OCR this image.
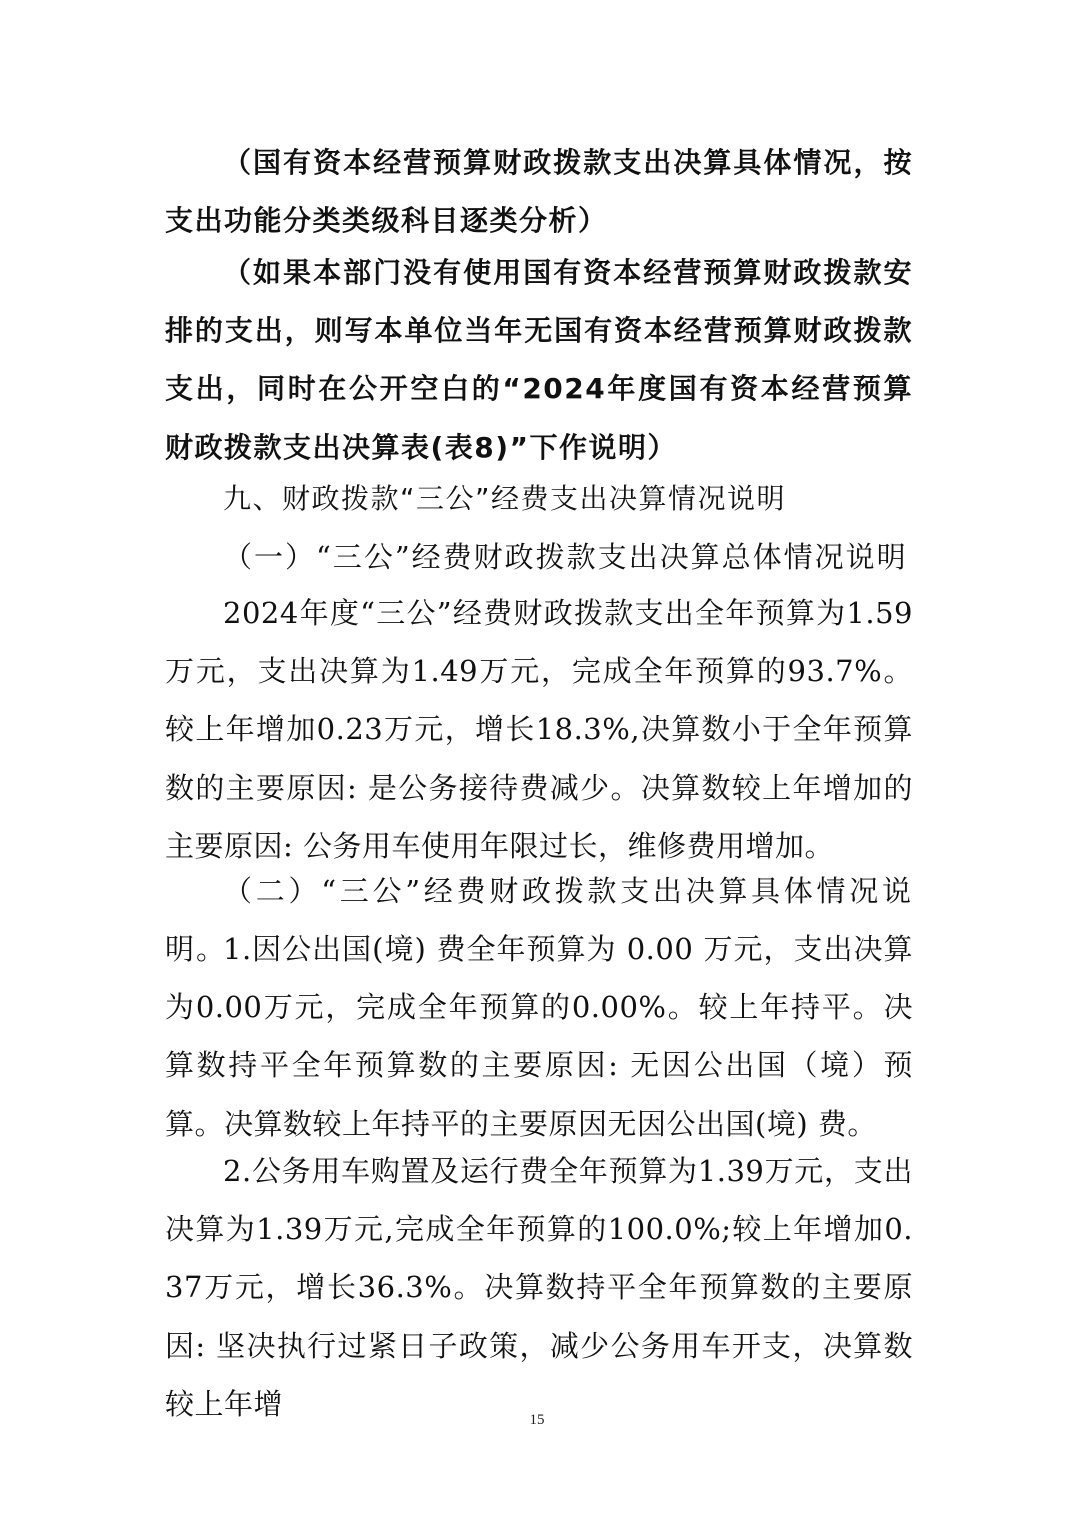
（国有资本经营预算财政拨款支出决算具体情况，按支出功能分类类级科目逐类分析）

（如果本部门没有使用国有资本经营预算财政拨款安排的支出，则写本单位当年无国有资本经营预算财政拨款支出，同时在公开空白的“2024年度国有资本经营预算财政拨款支出决算表(表8)”下作说明）

九、财政拨款“三公”经费支出决算情况说明

（一）“三公”经费财政拨款支出决算总体情况说明

2024年度“三公”经费财政拨款支出全年预算为1.59万元，支出决算为1.49万元，完成全年预算的93.7%。较上年增加0.23万元，增长18.3%,决算数小于全年预算数的主要原因: 是公务接待费减少。决算数较上年增加的主要原因: 公务用车使用年限过长，维修费用增加。

（二）“三公”经费财政拨款支出决算具体情况说明。

1.因公出国(境) 费全年预算为 0.00 万元，支出决算为0.00万元，完成全年预算的0.00%。较上年持平。决算数持平全年预算数的主要原因: 无因公出国（境）预算。决算数较上年持平的主要原因无因公出国(境) 费。

2.公务用车购置及运行费全年预算为1.39万元，支出决算为1.39万元,完成全年预算的100.0%;较上年增加0.37万元，增长36.3%。决算数持平全年预算数的主要原因: 坚决执行过紧日子政策，减少公务用车开支，决算数较上年增	15
